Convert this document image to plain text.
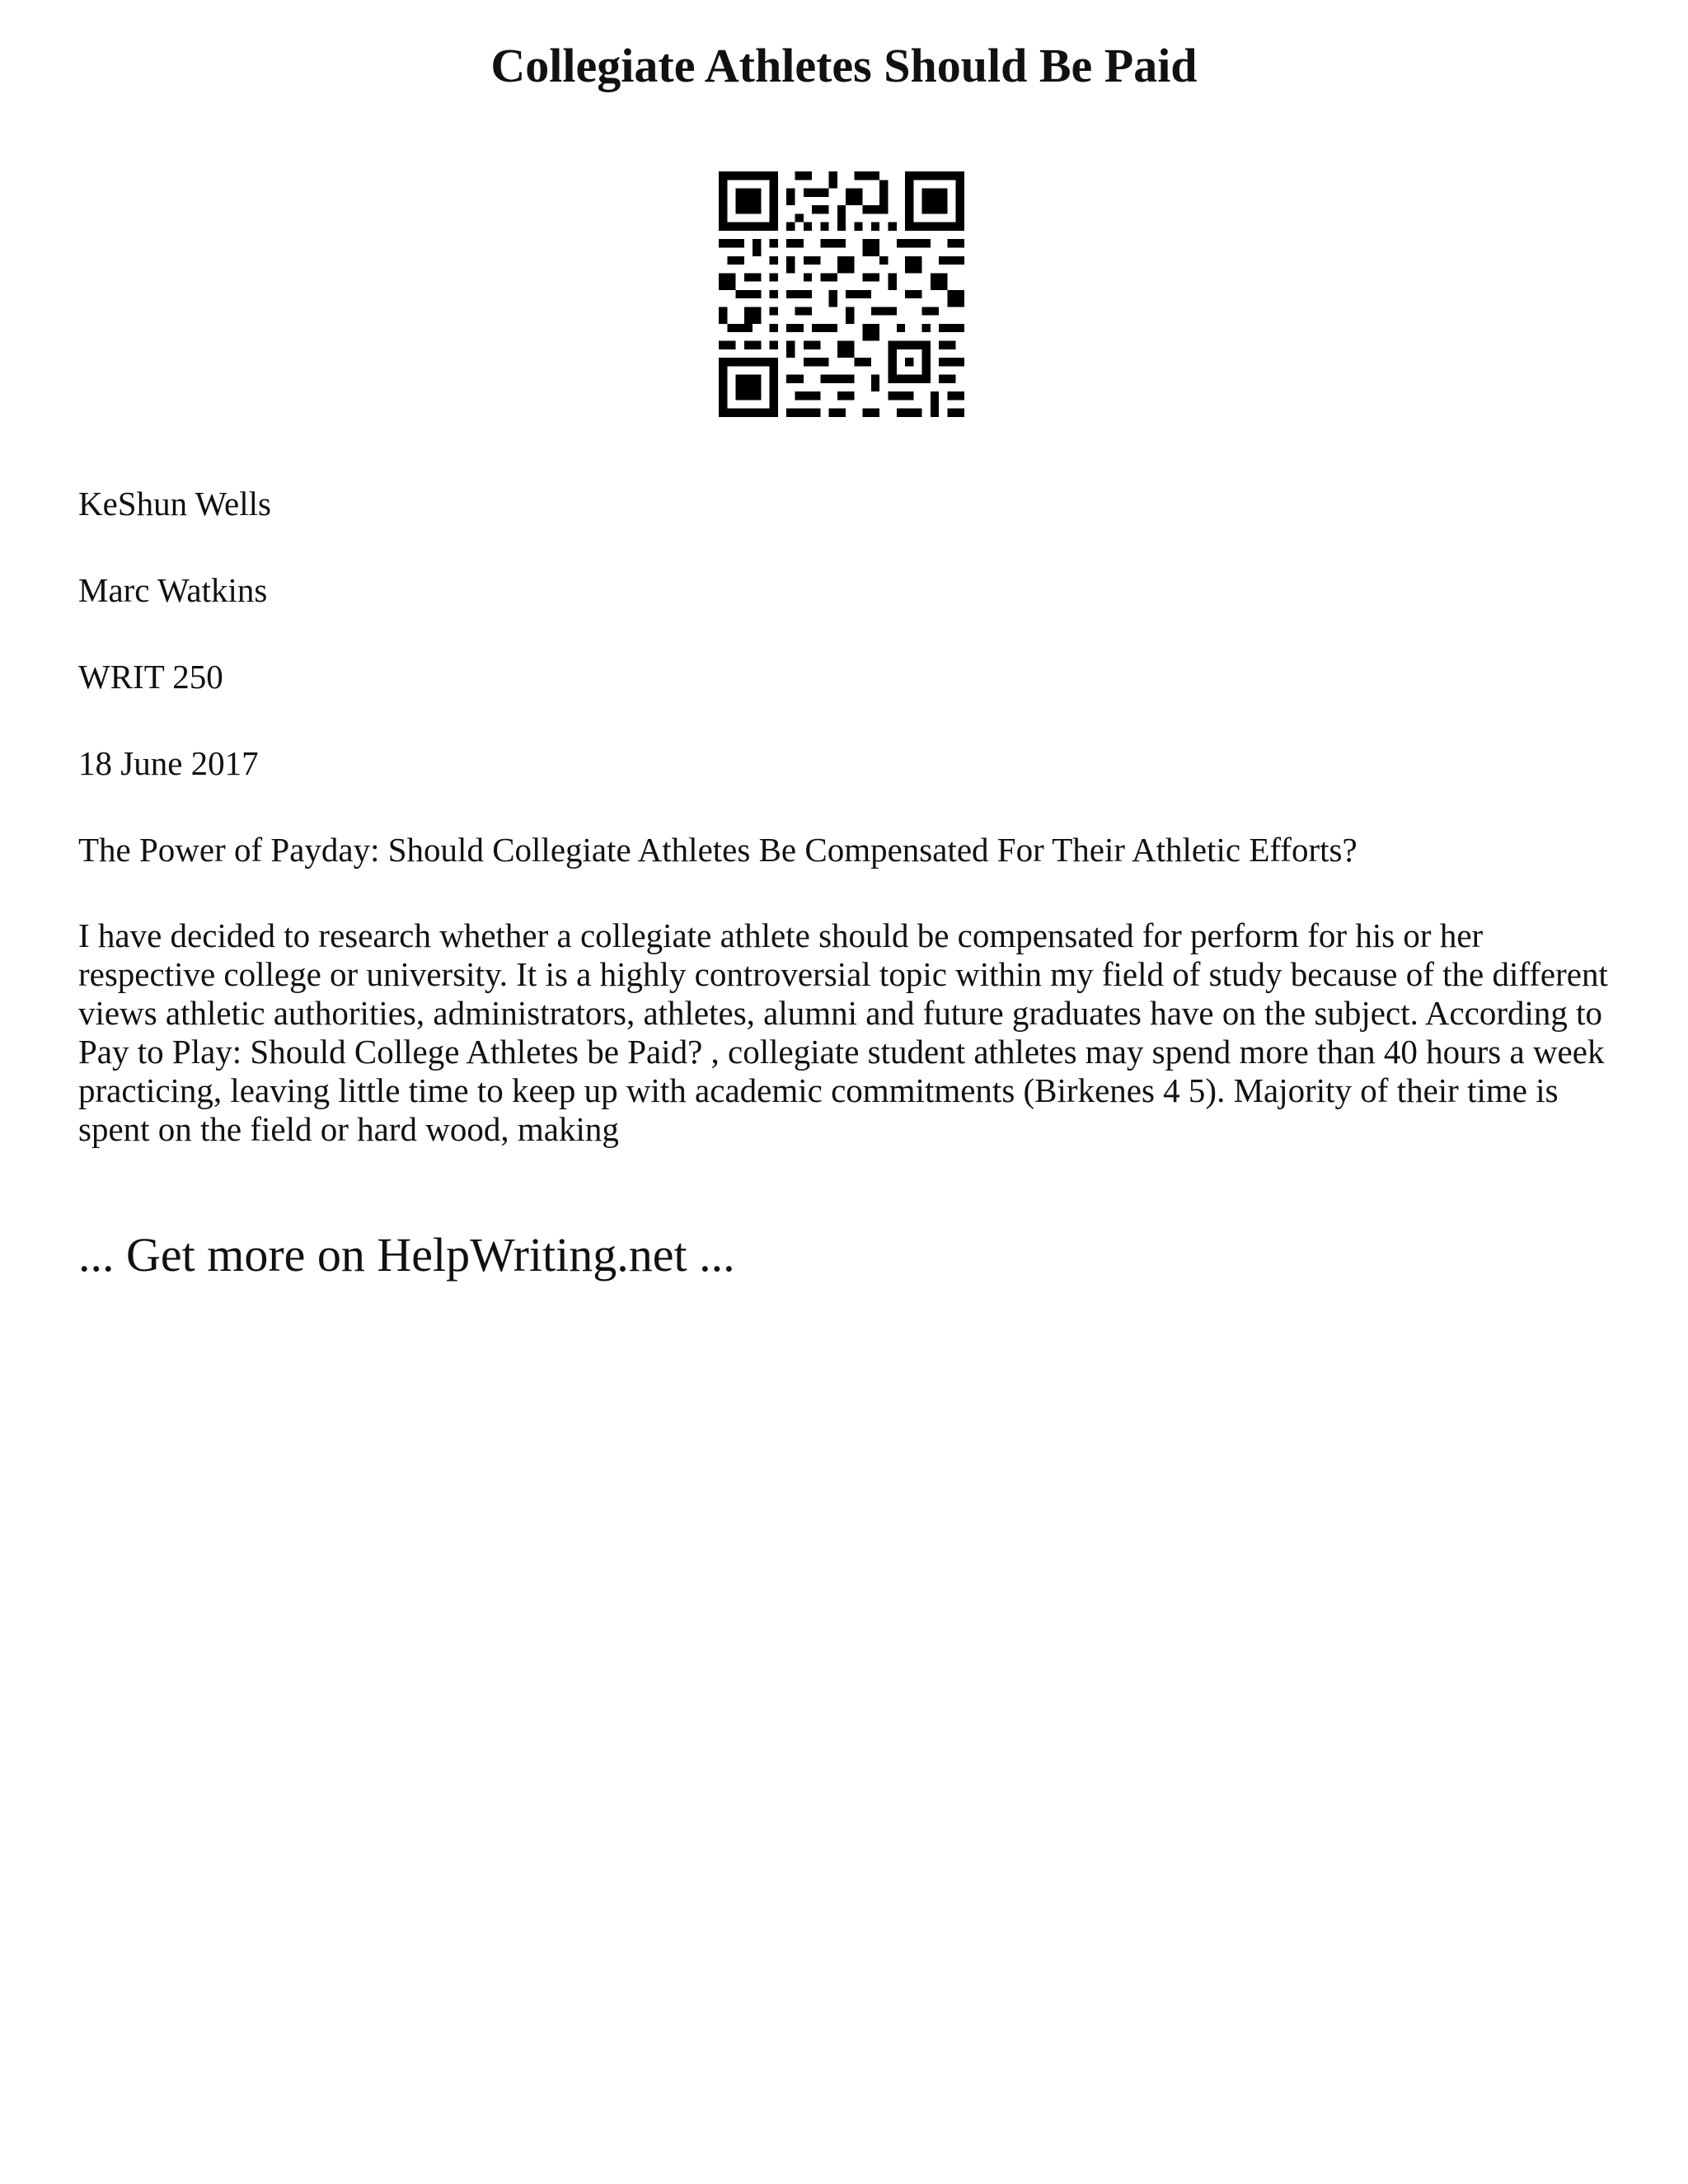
Collegiate Athletes Should Be Paid

KeShun Wells

Marc Watkins

WRIT 250

18 June 2017

The Power of Payday: Should Collegiate Athletes Be Compensated For Their Athletic Efforts?

I have decided to research whether a collegiate athlete should be compensated for perform for his or her respective college or university. It is a highly controversial topic within my field of study because of the different views athletic authorities, administrators, athletes, alumni and future graduates have on the subject. According to Pay to Play: Should College Athletes be Paid? , collegiate student athletes may spend more than 40 hours a week practicing, leaving little time to keep up with academic commitments (Birkenes 4 5). Majority of their time is spent on the field or hard wood, making

... Get more on HelpWriting.net ...
